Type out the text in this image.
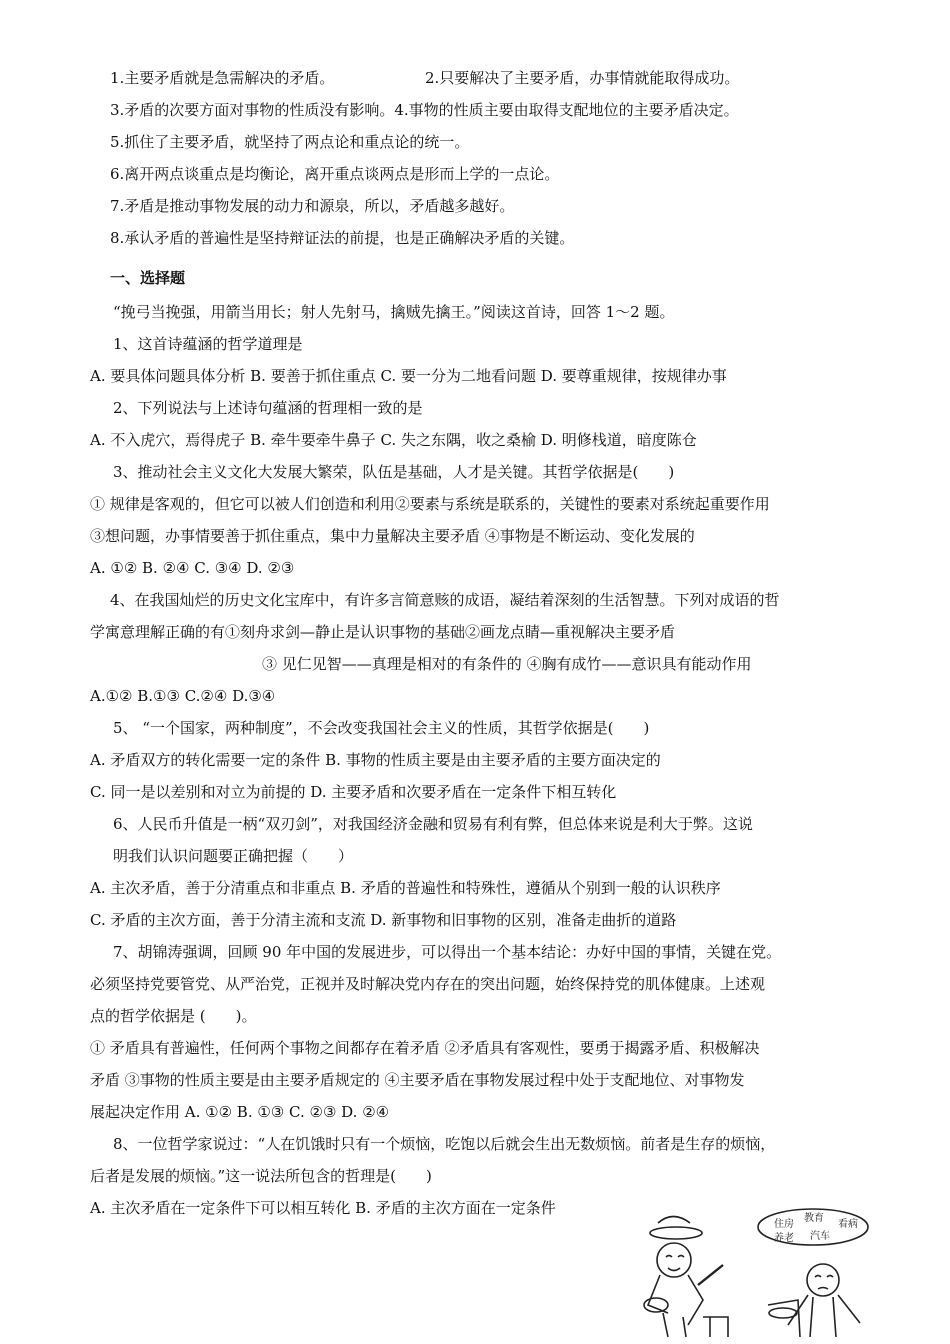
1.主要矛盾就是急需解决的矛盾。	2.只要解决了主要矛盾，办事情就能取得成功。
3.矛盾的次要方面对事物的性质没有影响。4.事物的性质主要由取得支配地位的主要矛盾决定。
5.抓住了主要矛盾，就坚持了两点论和重点论的统一。
6.离开两点谈重点是均衡论，离开重点谈两点是形而上学的一点论。
7.矛盾是推动事物发展的动力和源泉，所以，矛盾越多越好。
8.承认矛盾的普遍性是坚持辩证法的前提，也是正确解决矛盾的关键。
一、选择题
“挽弓当挽强，用箭当用长；射人先射马，擒贼先擒王。”阅读这首诗，回答 1～2 题。
1、这首诗蕴涵的哲学道理是
A. 要具体问题具体分析 B. 要善于抓住重点 C. 要一分为二地看问题 D. 要尊重规律，按规律办事
2、下列说法与上述诗句蕴涵的哲理相一致的是
A. 不入虎穴，焉得虎子 B. 牵牛要牵牛鼻子 C. 失之东隅，收之桑榆 D. 明修栈道，暗度陈仓
3、推动社会主义文化大发展大繁荣，队伍是基础，人才是关键。其哲学依据是(　　)
① 规律是客观的，但它可以被人们创造和利用②要素与系统是联系的，关键性的要素对系统起重要作用
③想问题，办事情要善于抓住重点，集中力量解决主要矛盾 ④事物是不断运动、变化发展的
A. ①② B. ②④ C. ③④ D. ②③
4、在我国灿烂的历史文化宝库中，有许多言简意赅的成语，凝结着深刻的生活智慧。下列对成语的哲
学寓意理解正确的有①刻舟求剑—静止是认识事物的基础②画龙点睛—重视解决主要矛盾
③ 见仁见智——真理是相对的有条件的 ④胸有成竹——意识具有能动作用
A.①② B.①③ C.②④ D.③④
5、 “一个国家，两种制度”，不会改变我国社会主义的性质，其哲学依据是(　　)
A. 矛盾双方的转化需要一定的条件 B. 事物的性质主要是由主要矛盾的主要方面决定的
C. 同一是以差别和对立为前提的 D. 主要矛盾和次要矛盾在一定条件下相互转化
6、人民币升值是一柄“双刃剑”，对我国经济金融和贸易有利有弊，但总体来说是利大于弊。这说
明我们认识问题要正确把握（　　）
A. 主次矛盾，善于分清重点和非重点 B. 矛盾的普遍性和特殊性，遵循从个别到一般的认识秩序
C. 矛盾的主次方面，善于分清主流和支流 D. 新事物和旧事物的区别，准备走曲折的道路
7、胡锦涛强调，回顾 90 年中国的发展进步，可以得出一个基本结论：办好中国的事情，关键在党。
必须坚持党要管党、从严治党，正视并及时解决党内存在的突出问题，始终保持党的肌体健康。上述观
点的哲学依据是 (　　)。
① 矛盾具有普遍性，任何两个事物之间都存在着矛盾 ②矛盾具有客观性，要勇于揭露矛盾、积极解决
矛盾 ③事物的性质主要是由主要矛盾规定的 ④主要矛盾在事物发展过程中处于支配地位、对事物发
展起决定作用 A. ①② B. ①③ C. ②③ D. ②④
8、一位哲学家说过：“人在饥饿时只有一个烦恼，吃饱以后就会生出无数烦恼。前者是生存的烦恼，
后者是发展的烦恼。”这一说法所包含的哲理是(　　)
A. 主次矛盾在一定条件下可以相互转化 B. 矛盾的主次方面在一定条件
住房
教育
看病
养老 汽车
